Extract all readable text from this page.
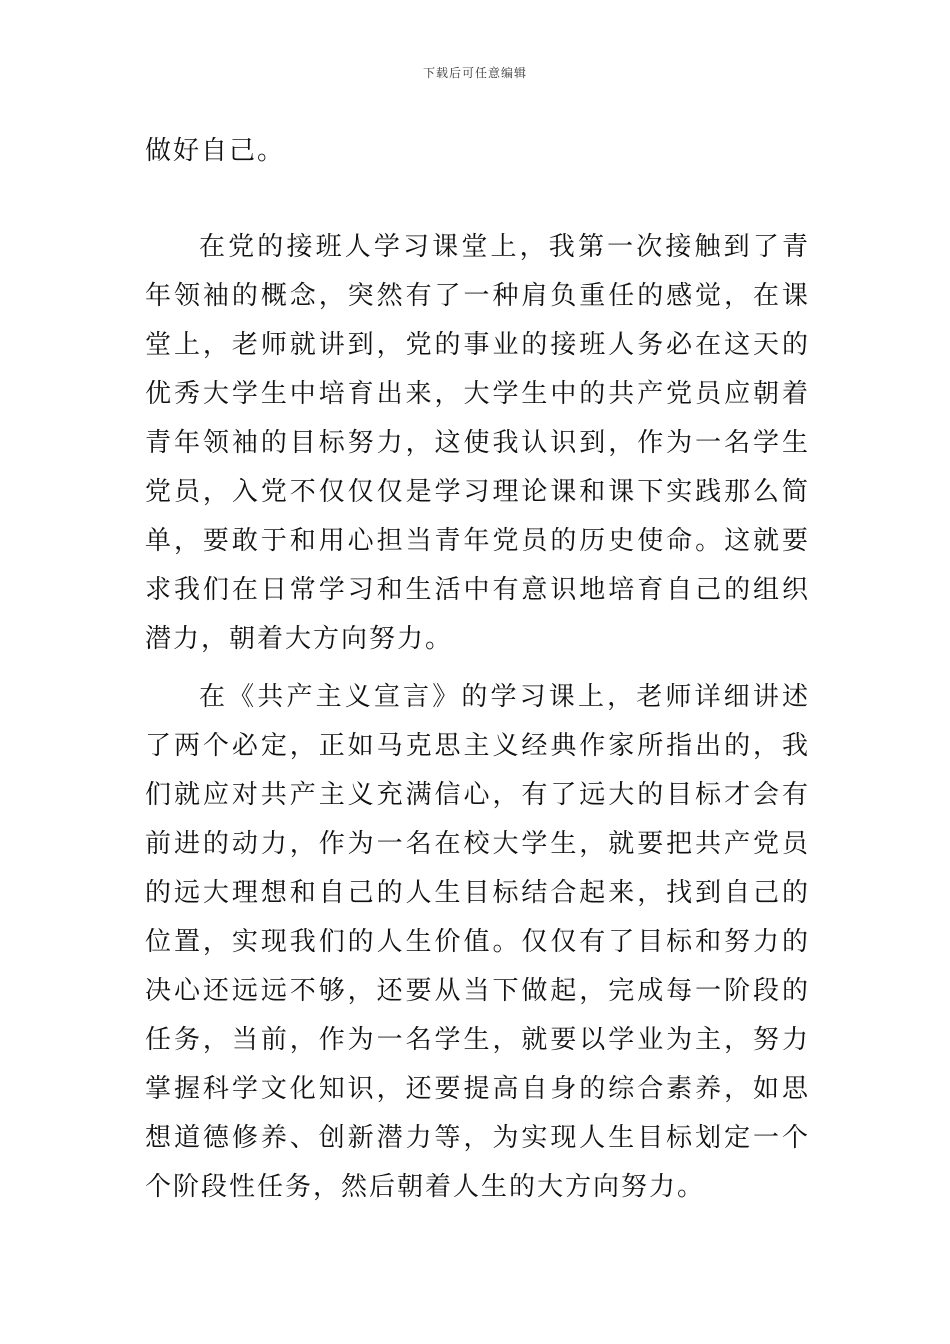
下载后可任意编辑

做好自己。

在党的接班人学习课堂上，我第一次接触到了青年领袖的概念，突然有了一种肩负重任的感觉，在课堂上，老师就讲到，党的事业的接班人务必在这天的优秀大学生中培育出来，大学生中的共产党员应朝着青年领袖的目标努力，这使我认识到，作为一名学生党员，入党不仅仅仅是学习理论课和课下实践那么简单，要敢于和用心担当青年党员的历史使命。这就要求我们在日常学习和生活中有意识地培育自己的组织潜力，朝着大方向努力。

在《共产主义宣言》的学习课上，老师详细讲述了两个必定，正如马克思主义经典作家所指出的，我们就应对共产主义充满信心，有了远大的目标才会有前进的动力，作为一名在校大学生，就要把共产党员的远大理想和自己的人生目标结合起来，找到自己的位置，实现我们的人生价值。仅仅有了目标和努力的决心还远远不够，还要从当下做起，完成每一阶段的任务，当前，作为一名学生，就要以学业为主，努力掌握科学文化知识，还要提高自身的综合素养，如思想道德修养、创新潜力等，为实现人生目标划定一个个阶段性任务，然后朝着人生的大方向努力。
